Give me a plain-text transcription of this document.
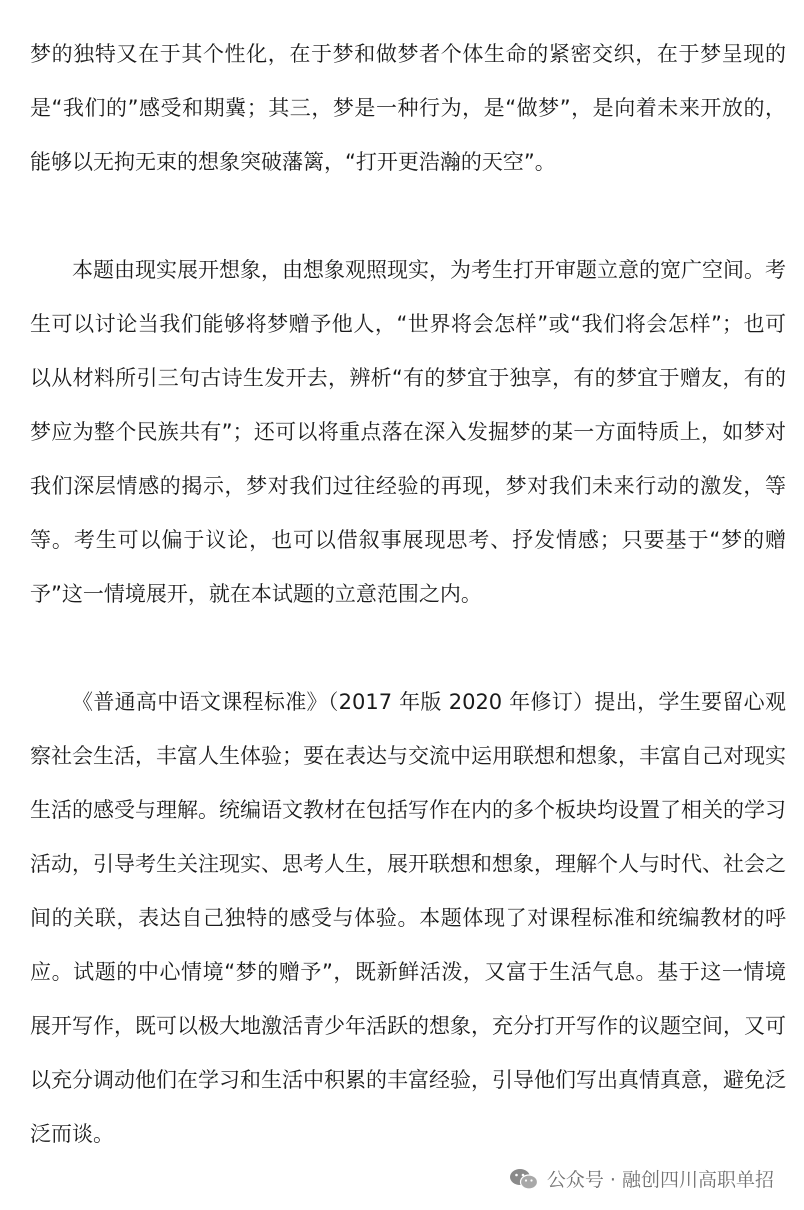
梦的独特又在于其个性化，在于梦和做梦者个体生命的紧密交织，在于梦呈现的是“我们的”感受和期冀；其三，梦是一种行为，是“做梦”，是向着未来开放的，能够以无拘无束的想象突破藩篱，“打开更浩瀚的天空”。

本题由现实展开想象，由想象观照现实，为考生打开审题立意的宽广空间。考生可以讨论当我们能够将梦赠予他人，“世界将会怎样”或“我们将会怎样”；也可以从材料所引三句古诗生发开去，辨析“有的梦宜于独享，有的梦宜于赠友，有的梦应为整个民族共有”；还可以将重点落在深入发掘梦的某一方面特质上，如梦对我们深层情感的揭示，梦对我们过往经验的再现，梦对我们未来行动的激发，等等。考生可以偏于议论，也可以借叙事展现思考、抒发情感；只要基于“梦的赠予”这一情境展开，就在本试题的立意范围之内。

《普通高中语文课程标准》（2017 年版 2020 年修订）提出，学生要留心观察社会生活，丰富人生体验；要在表达与交流中运用联想和想象，丰富自己对现实生活的感受与理解。统编语文教材在包括写作在内的多个板块均设置了相关的学习活动，引导考生关注现实、思考人生，展开联想和想象，理解个人与时代、社会之间的关联，表达自己独特的感受与体验。本题体现了对课程标准和统编教材的呼应。试题的中心情境“梦的赠予”，既新鲜活泼，又富于生活气息。基于这一情境展开写作，既可以极大地激活青少年活跃的想象，充分打开写作的议题空间，又可以充分调动他们在学习和生活中积累的丰富经验，引导他们写出真情真意，避免泛泛而谈。

公众号 · 融创四川高职单招
